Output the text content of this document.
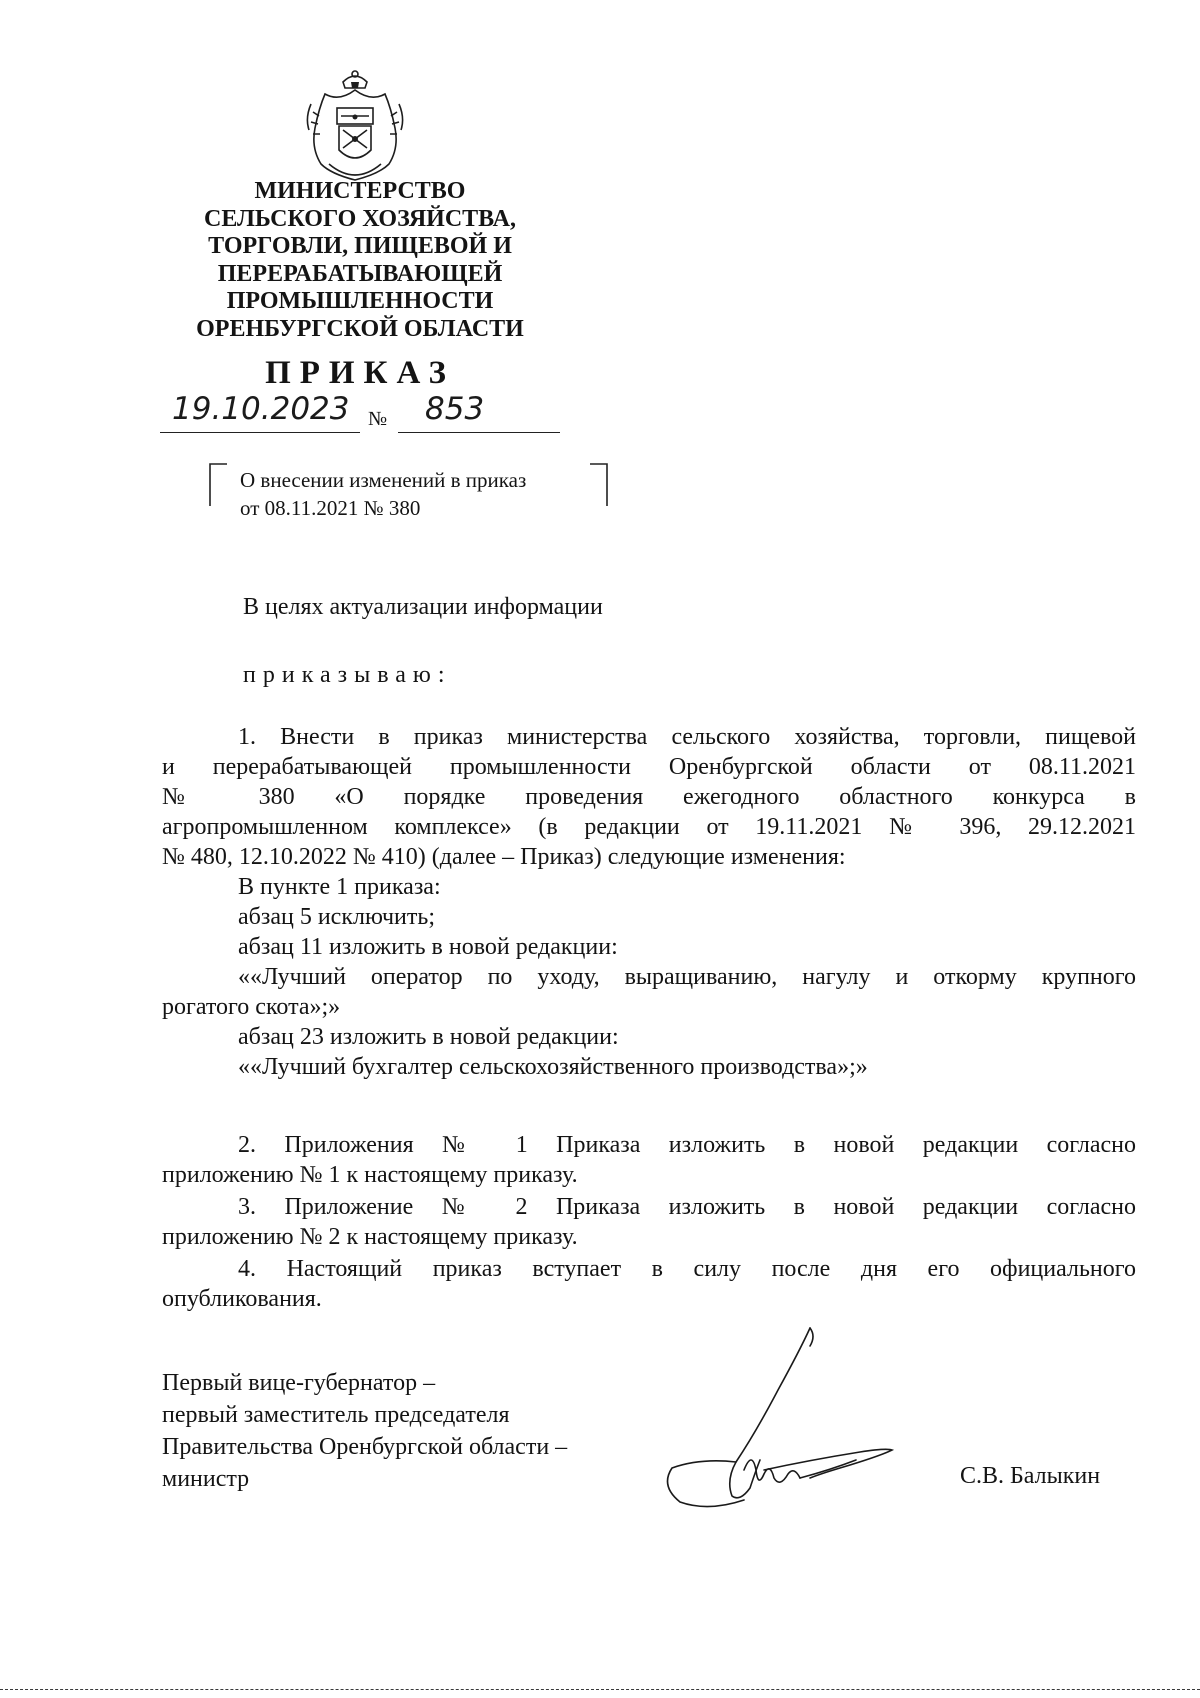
МИНИСТЕРСТВО
СЕЛЬСКОГО ХОЗЯЙСТВА,
ТОРГОВЛИ, ПИЩЕВОЙ И
ПЕРЕРАБАТЫВАЮЩЕЙ
ПРОМЫШЛЕННОСТИ
ОРЕНБУРГСКОЙ ОБЛАСТИ
ПРИКАЗ
19.10.2023 № 853
О внесении изменений в приказ
от 08.11.2021 № 380
В целях актуализации информации
приказываю:
1. Внести в приказ министерства сельского хозяйства, торговли, пищевой
и перерабатывающей промышленности Оренбургской области от 08.11.2021
№ 380 «О порядке проведения ежегодного областного конкурса в
агропромышленном комплексе» (в редакции от 19.11.2021 № 396, 29.12.2021
№ 480, 12.10.2022 № 410) (далее – Приказ) следующие изменения:
В пункте 1 приказа:
абзац 5 исключить;
абзац 11 изложить в новой редакции:
««Лучший оператор по уходу, выращиванию, нагулу и откорму крупного
рогатого скота»;»
абзац 23 изложить в новой редакции:
««Лучший бухгалтер сельскохозяйственного производства»;»
2. Приложения № 1 Приказа изложить в новой редакции согласно
приложению № 1 к настоящему приказу.
3. Приложение № 2 Приказа изложить в новой редакции согласно
приложению № 2 к настоящему приказу.
4. Настоящий приказ вступает в силу после дня его официального
опубликования.
Первый вице-губернатор –
первый заместитель председателя
Правительства Оренбургской области –
министр	С.В. Балыкин
